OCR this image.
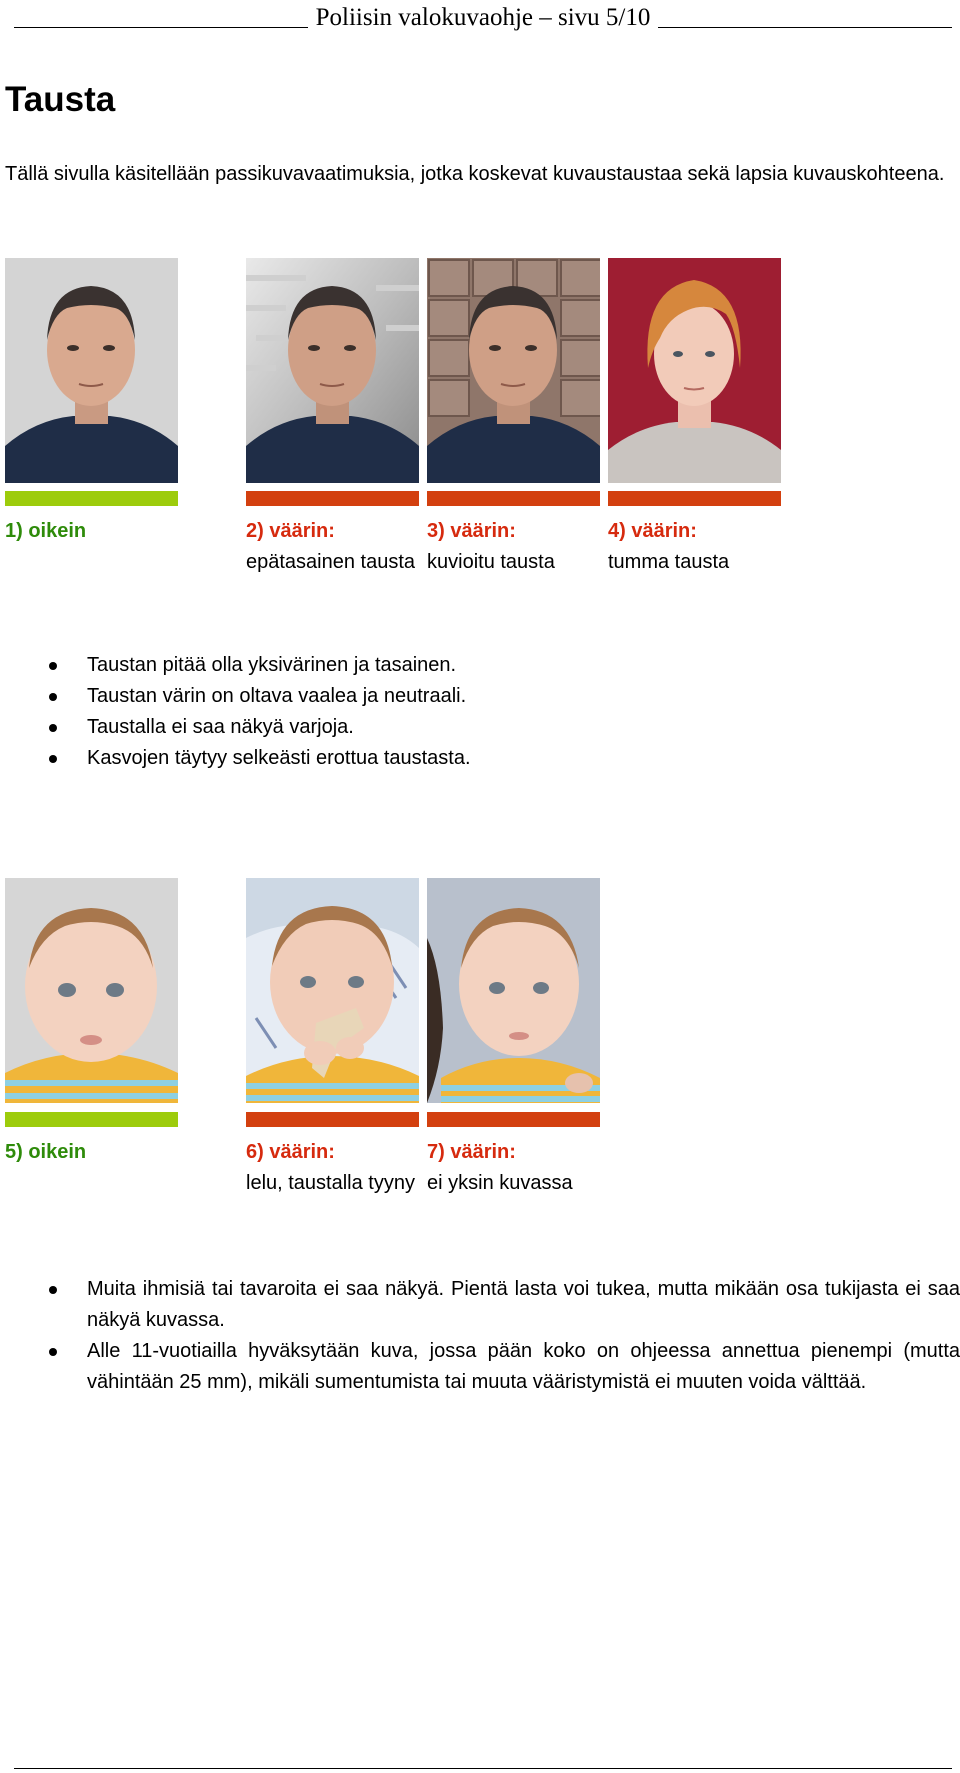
Poliisin valokuvaohje – sivu 5/10
Tausta

Tällä sivulla käsitellään passikuvavaatimuksia, jotka koskevat kuvaustaustaa sekä lapsia kuvauskohteena.

1) oikein	2) väärin:
epätasainen tausta
3) väärin:
kuvioitu tausta
4) väärin:
tumma tausta
Taustan pitää olla yksivärinen ja tasainen.
Taustan värin on oltava vaalea ja neutraali.
Taustalla ei saa näkyä varjoja.
Kasvojen täytyy selkeästi erottua taustasta.
5) oikein	6) väärin:
lelu, taustalla tyyny
7) väärin:
ei yksin kuvassa
Muita ihmisiä tai tavaroita ei saa näkyä. Pientä lasta voi tukea, mutta mikään osa tukijasta ei saa näkyä kuvassa.
Alle 11-vuotiailla hyväksytään kuva, jossa pään koko on ohjeessa annettua pienempi (mutta vähintään 25 mm), mikäli sumentumista tai muuta vääristymistä ei muuten voida välttää.
